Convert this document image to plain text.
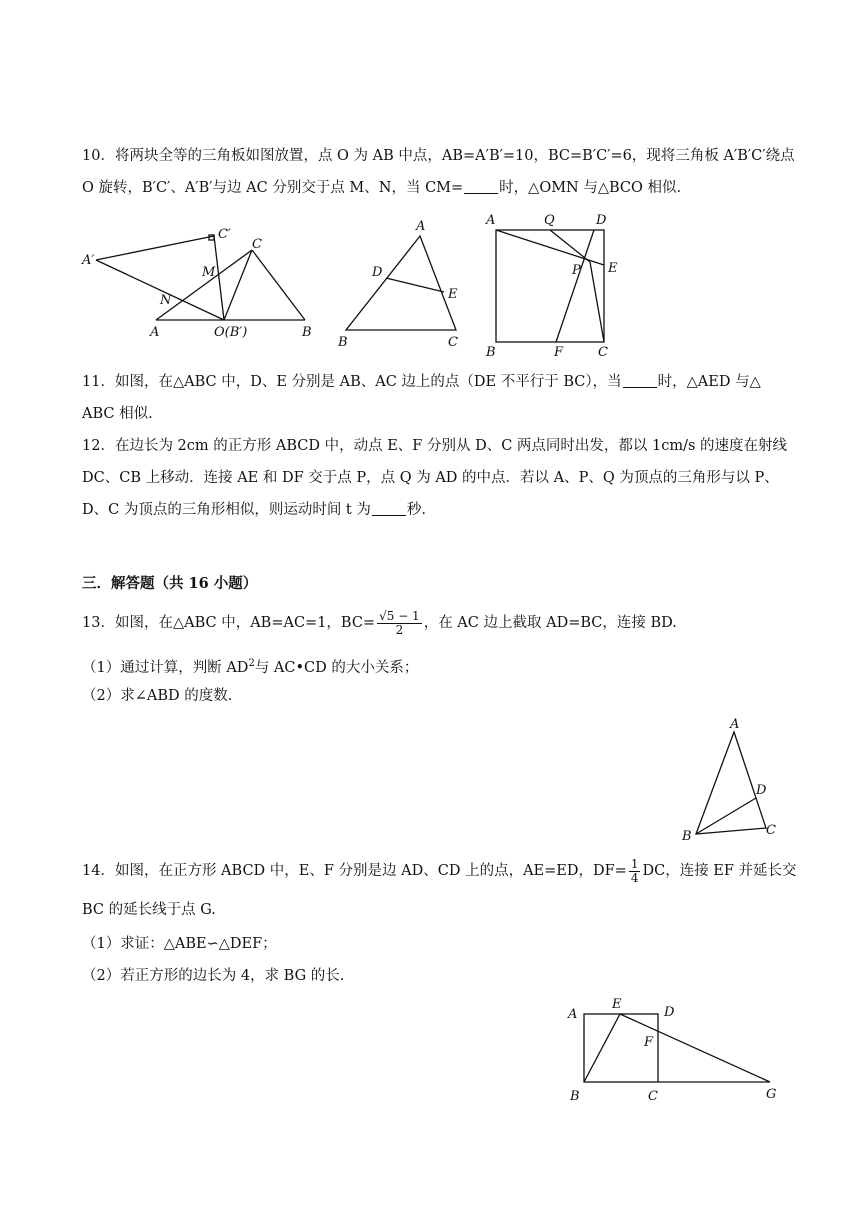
10．将两块全等的三角板如图放置，点 O 为 AB 中点，AB=A′B′=10，BC=B′C′=6，现将三角板 A′B′C′绕点
O 旋转，B′C′、A′B′与边 AC 分别交于点 M、N，当 CM= 时，△OMN 与△BCO 相似.
A′
C′
C
M
N
A	O(B′)	B
A
D
E
B	C
A	Q	D
P E
B	F	C
11．如图，在△ABC 中，D、E 分别是 AB、AC 边上的点（DE 不平行于 BC），当 时，△AED 与△
ABC 相似.
12．在边长为 2cm 的正方形 ABCD 中，动点 E、F 分别从 D、C 两点同时出发，都以 1cm/s 的速度在射线
DC、CB 上移动．连接 AE 和 DF 交于点 P，点 Q 为 AD 的中点．若以 A、P、Q 为顶点的三角形与以 P、
D、C 为顶点的三角形相似，则运动时间 t 为 秒.
三．解答题（共 16 小题）
13．如图，在△ABC 中，AB=AC=1，$BC= \frac{√5 - 1}{2}$ ，在 AC 边上截取 AD=BC，连接 BD.
（1）通过计算，判断 $AD^2$与 AC•CD 的大小关系；
（2）求∠ABD 的度数.
A
D
B	C
14．如图，在正方形 ABCD 中，E、F 分别是边 AD、CD 上的点，AE=ED，$DF= \frac{1}{4}$ DC，连接 EF 并延长交
BC 的延长线于点 G.
（1）求证：△ABE∽△DEF；
（2）若正方形的边长为 4，求 BG 的长.
A
E
D
F
B	C	G
